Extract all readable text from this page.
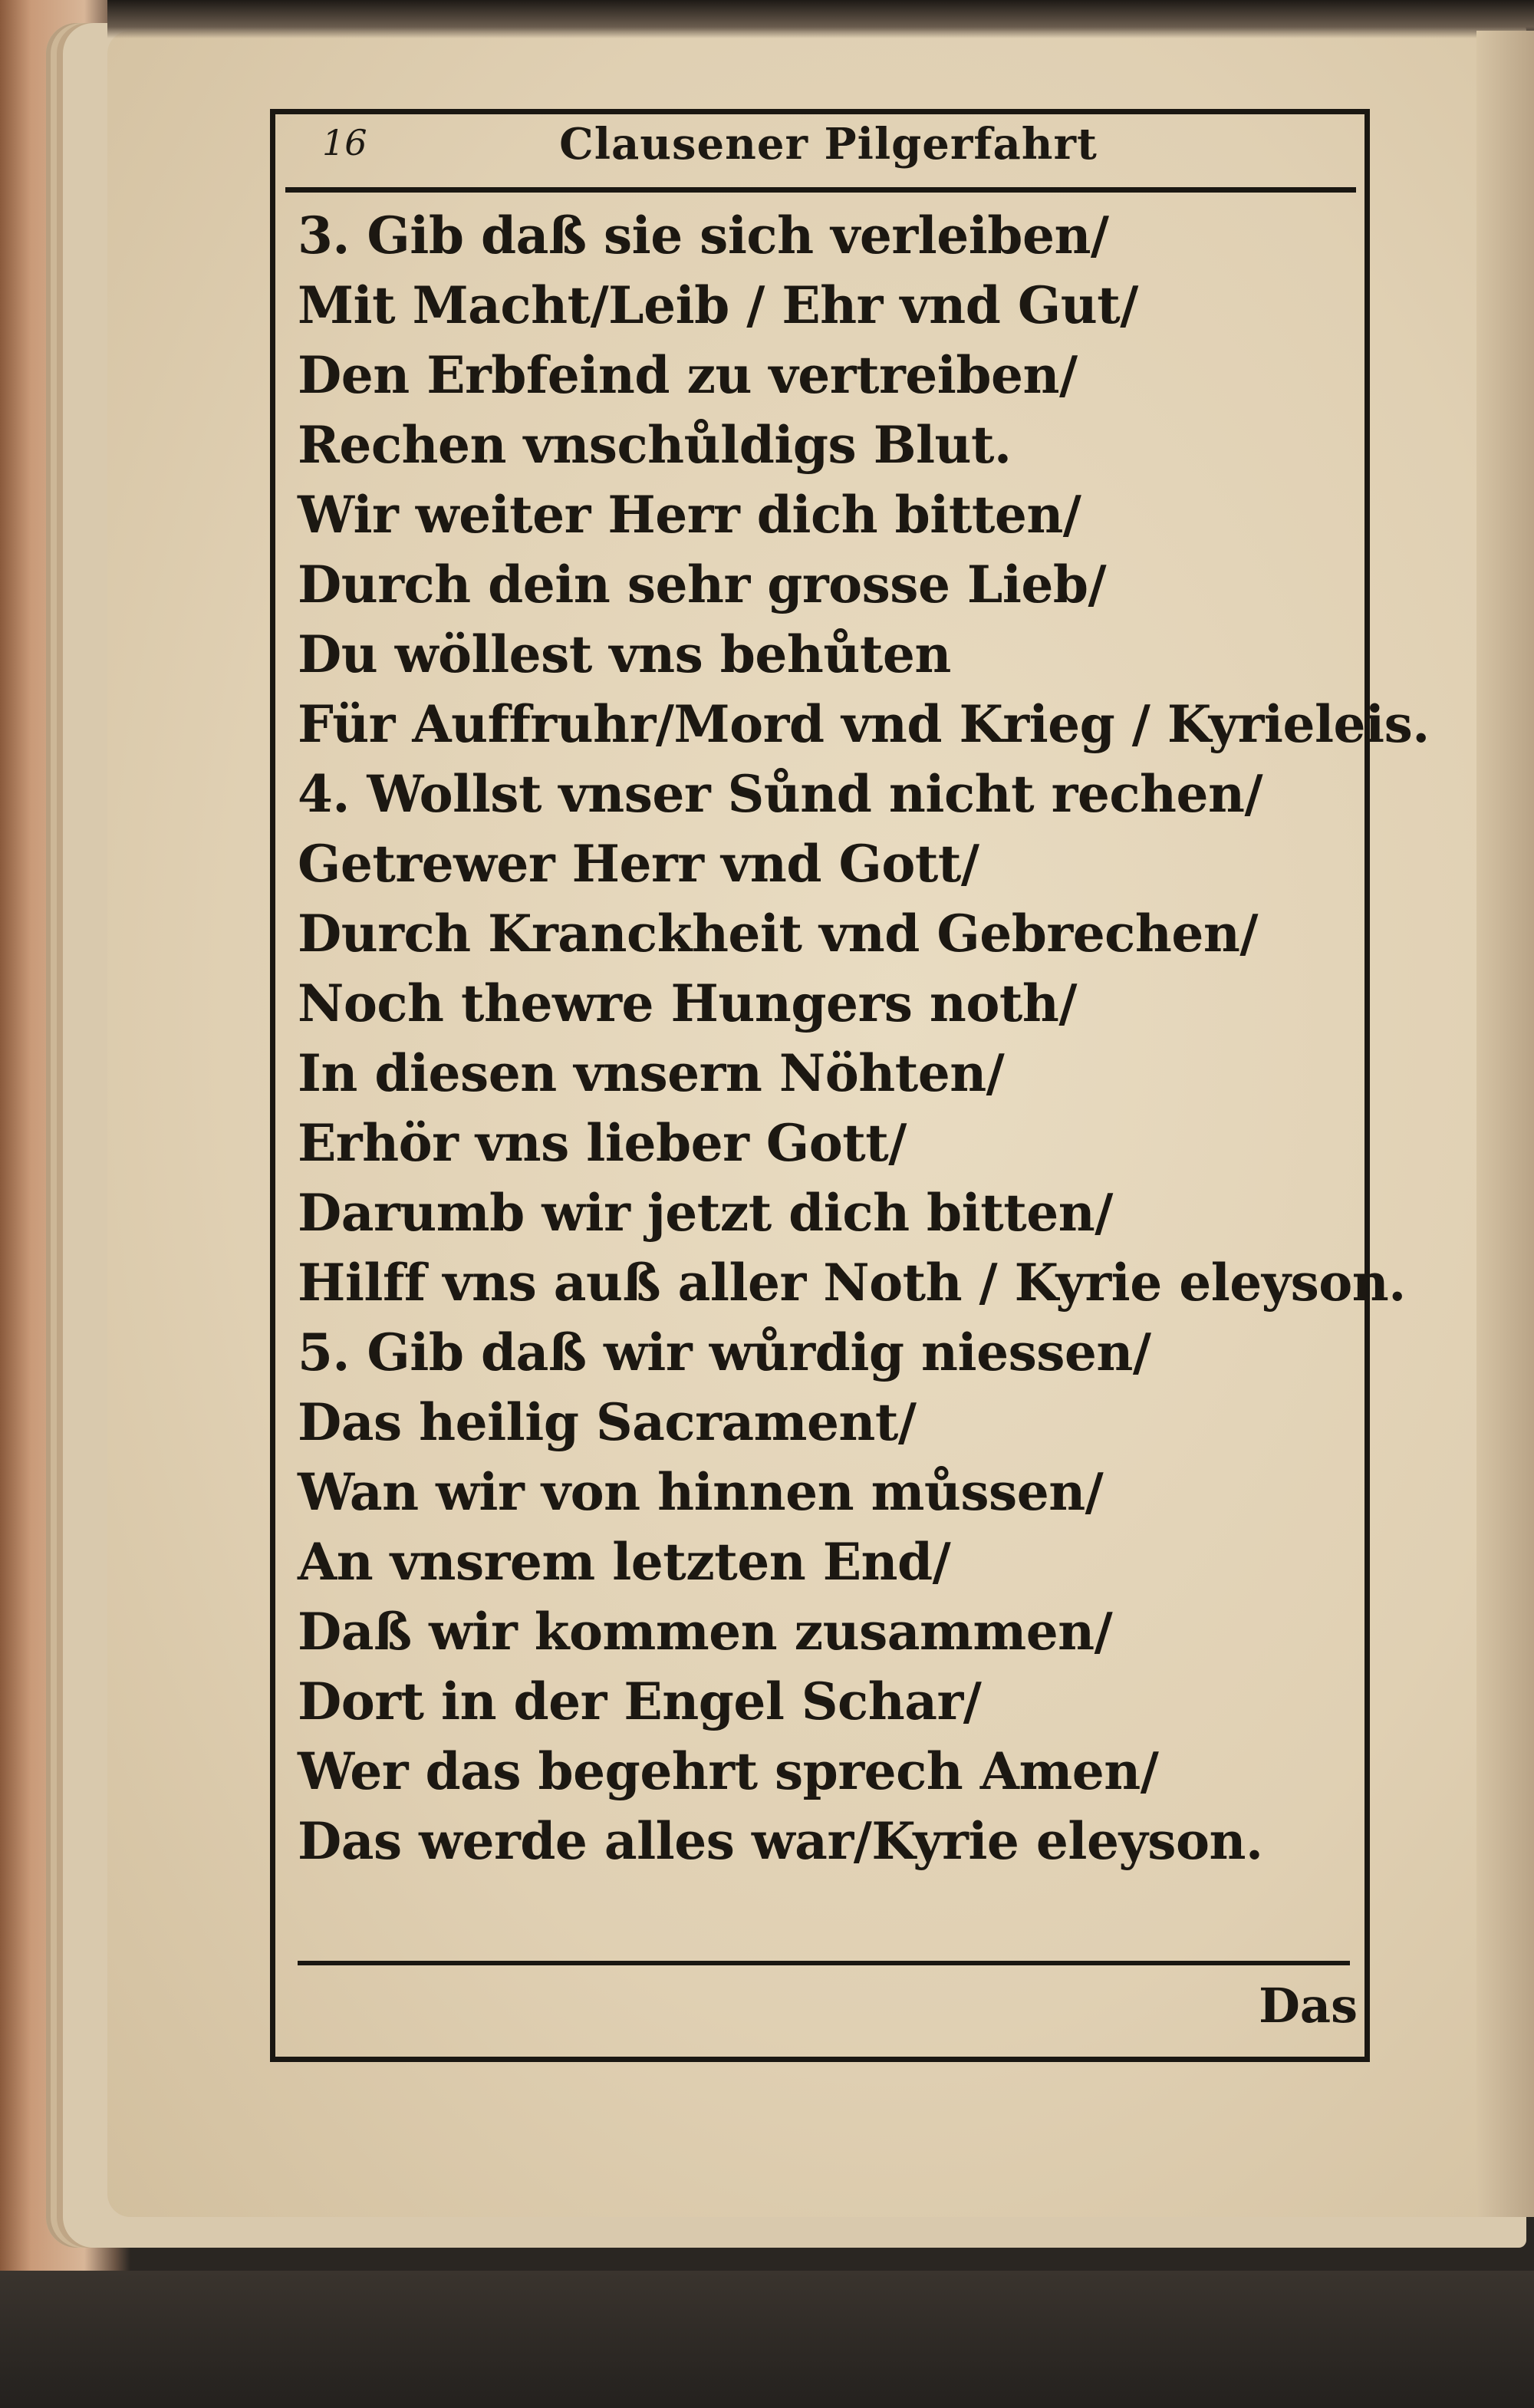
16	Clausener Pilgerfahrt
3. Gib daß sie sich verleiben/
Mit Macht/Leib / Ehr vnd Gut/
Den Erbfeind zu vertreiben/
Rechen vnschůldigs Blut.
Wir weiter Herr dich bitten/
Durch dein sehr grosse Lieb/
Du wöllest vns behůten
Für Auffruhr/Mord vnd Krieg / Kyrieleis.
4. Wollst vnser Sůnd nicht rechen/
Getrewer Herr vnd Gott/
Durch Kranckheit vnd Gebrechen/
Noch thewre Hungers noth/
In diesen vnsern Nöhten/
Erhör vns lieber Gott/
Darumb wir jetzt dich bitten/
Hilff vns auß aller Noth / Kyrie eleyson.
5. Gib daß wir wůrdig niessen/
Das heilig Sacrament/
Wan wir von hinnen můssen/
An vnsrem letzten End/
Daß wir kommen zusammen/
Dort in der Engel Schar/
Wer das begehrt sprech Amen/
Das werde alles war/Kyrie eleyson.
Das
